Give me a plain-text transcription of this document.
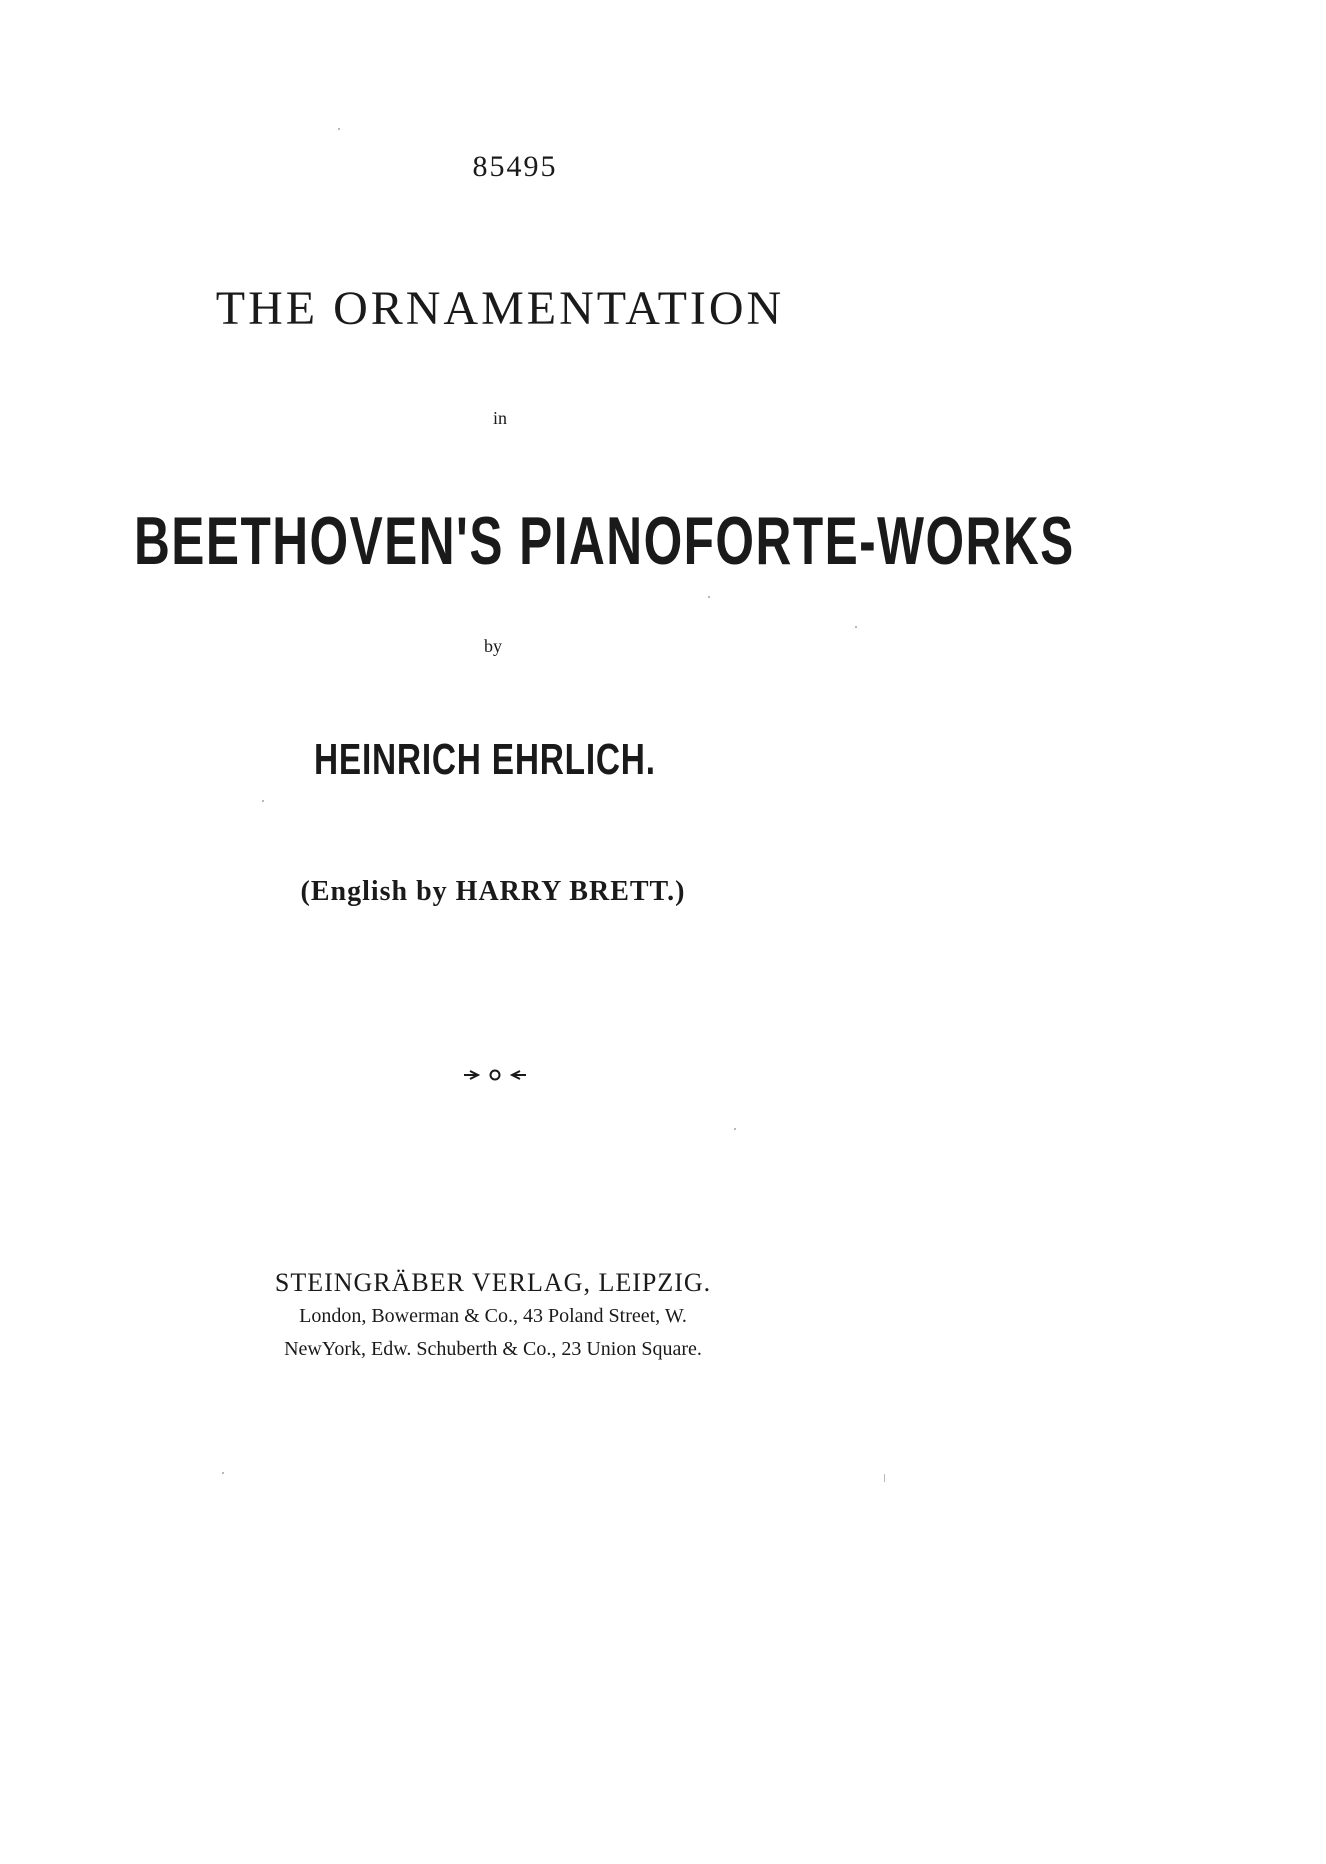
85495
THE ORNAMENTATION
in
BEETHOVEN'S PIANOFORTE-WORKS
by
HEINRICH EHRLICH.
(English by HARRY BRETT.)
STEINGRÄBER VERLAG, LEIPZIG.
London, Bowerman & Co., 43 Poland Street, W.
NewYork, Edw. Schuberth & Co., 23 Union Square.
